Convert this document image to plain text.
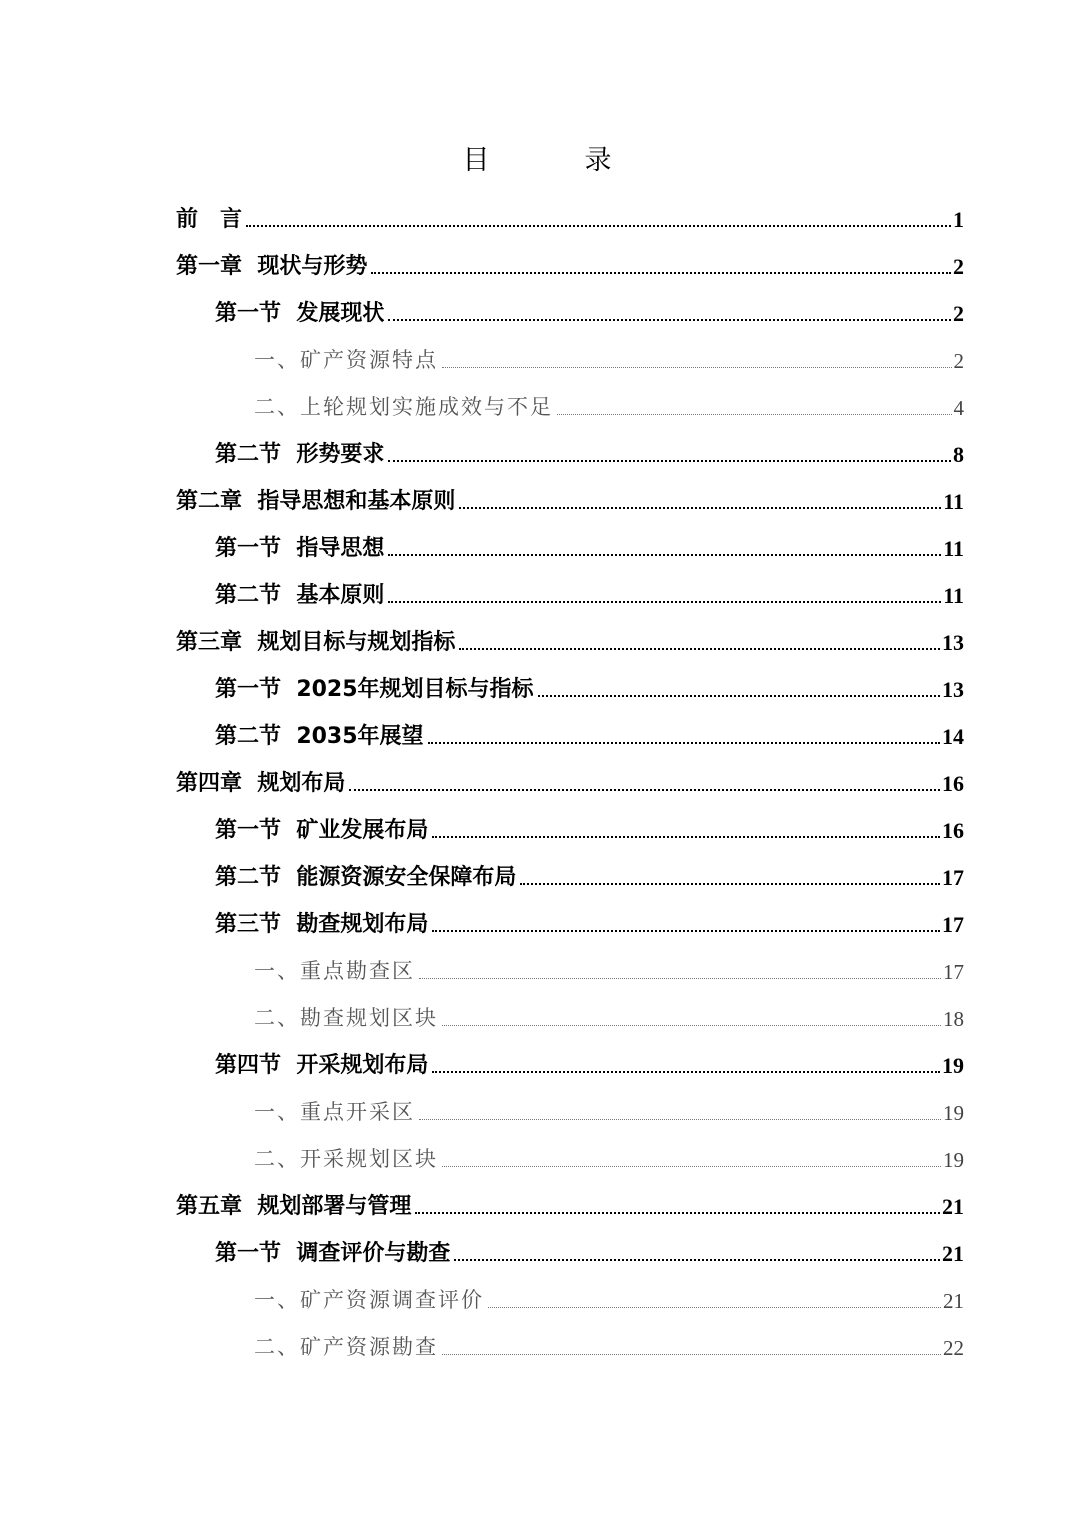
目　录
前　言	1
第一章  现状与形势	2
第一节  发展现状	2
一、矿产资源特点	2
二、上轮规划实施成效与不足	4
第二节  形势要求	8
第二章  指导思想和基本原则	11
第一节  指导思想	11
第二节  基本原则	11
第三章  规划目标与规划指标	13
第一节  2025年规划目标与指标	13
第二节  2035年展望	14
第四章  规划布局	16
第一节  矿业发展布局	16
第二节  能源资源安全保障布局	17
第三节  勘查规划布局	17
一、重点勘查区	17
二、勘查规划区块	18
第四节  开采规划布局	19
一、重点开采区	19
二、开采规划区块	19
第五章  规划部署与管理	21
第一节  调查评价与勘查	21
一、矿产资源调查评价	21
二、矿产资源勘查	22
